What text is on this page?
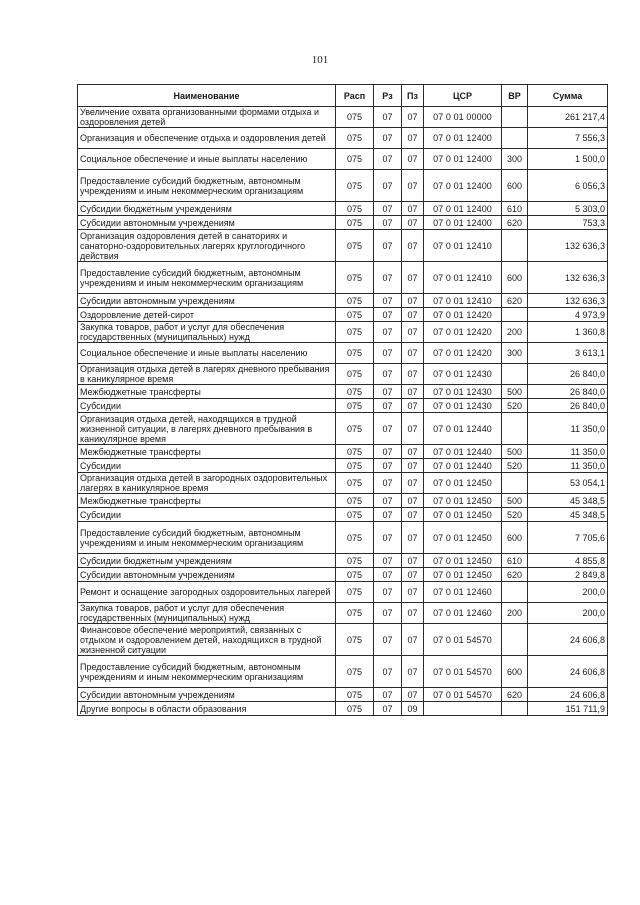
101
Наименование	Расп	Рз	Пз	ЦСР	ВР	Сумма
Увеличение охвата организованными формами отдыха и оздоровления детей	075	07	07	07 0 01 00000		261 217,4
Организация и обеспечение отдыха и оздоровления детей	075	07	07	07 0 01 12400		7 556,3
Социальное обеспечение и иные выплаты населению	075	07	07	07 0 01 12400	300	1 500,0
Предоставление субсидий бюджетным, автономным учреждениям и иным некоммерческим организациям	075	07	07	07 0 01 12400	600	6 056,3
Субсидии бюджетным учреждениям	075	07	07	07 0 01 12400	610	5 303,0
Субсидии автономным учреждениям	075	07	07	07 0 01 12400	620	753,3
Организация оздоровления детей в санаториях и санаторно-оздоровительных лагерях круглогодичного действия	075	07	07	07 0 01 12410		132 636,3
Предоставление субсидий бюджетным, автономным учреждениям и иным некоммерческим организациям	075	07	07	07 0 01 12410	600	132 636,3
Субсидии автономным учреждениям	075	07	07	07 0 01 12410	620	132 636,3
Оздоровление детей-сирот	075	07	07	07 0 01 12420		4 973,9
Закупка товаров, работ и услуг для обеспечения государственных (муниципальных) нужд	075	07	07	07 0 01 12420	200	1 360,8
Социальное обеспечение и иные выплаты населению	075	07	07	07 0 01 12420	300	3 613,1
Организация отдыха детей в лагерях дневного пребывания в каникулярное время	075	07	07	07 0 01 12430		26 840,0
Межбюджетные трансферты	075	07	07	07 0 01 12430	500	26 840,0
Субсидии	075	07	07	07 0 01 12430	520	26 840,0
Организация отдыха детей, находящихся в трудной жизненной ситуации, в лагерях дневного пребывания в каникулярное время	075	07	07	07 0 01 12440		11 350,0
Межбюджетные трансферты	075	07	07	07 0 01 12440	500	11 350,0
Субсидии	075	07	07	07 0 01 12440	520	11 350,0
Организация отдыха детей в загородных оздоровительных лагерях в каникулярное время	075	07	07	07 0 01 12450		53 054,1
Межбюджетные трансферты	075	07	07	07 0 01 12450	500	45 348,5
Субсидии	075	07	07	07 0 01 12450	520	45 348,5
Предоставление субсидий бюджетным, автономным учреждениям и иным некоммерческим организациям	075	07	07	07 0 01 12450	600	7 705,6
Субсидии бюджетным учреждениям	075	07	07	07 0 01 12450	610	4 855,8
Субсидии автономным учреждениям	075	07	07	07 0 01 12450	620	2 849,8
Ремонт и оснащение загородных оздоровительных лагерей	075	07	07	07 0 01 12460		200,0
Закупка товаров, работ и услуг для обеспечения государственных (муниципальных) нужд	075	07	07	07 0 01 12460	200	200,0
Финансовое обеспечение мероприятий, связанных с отдыхом и оздоровлением детей, находящихся в трудной жизненной ситуации	075	07	07	07 0 01 54570		24 606,8
Предоставление субсидий бюджетным, автономным учреждениям и иным некоммерческим организациям	075	07	07	07 0 01 54570	600	24 606,8
Субсидии автономным учреждениям	075	07	07	07 0 01 54570	620	24 606,8
Другие вопросы в области образования	075	07	09			151 711,9
